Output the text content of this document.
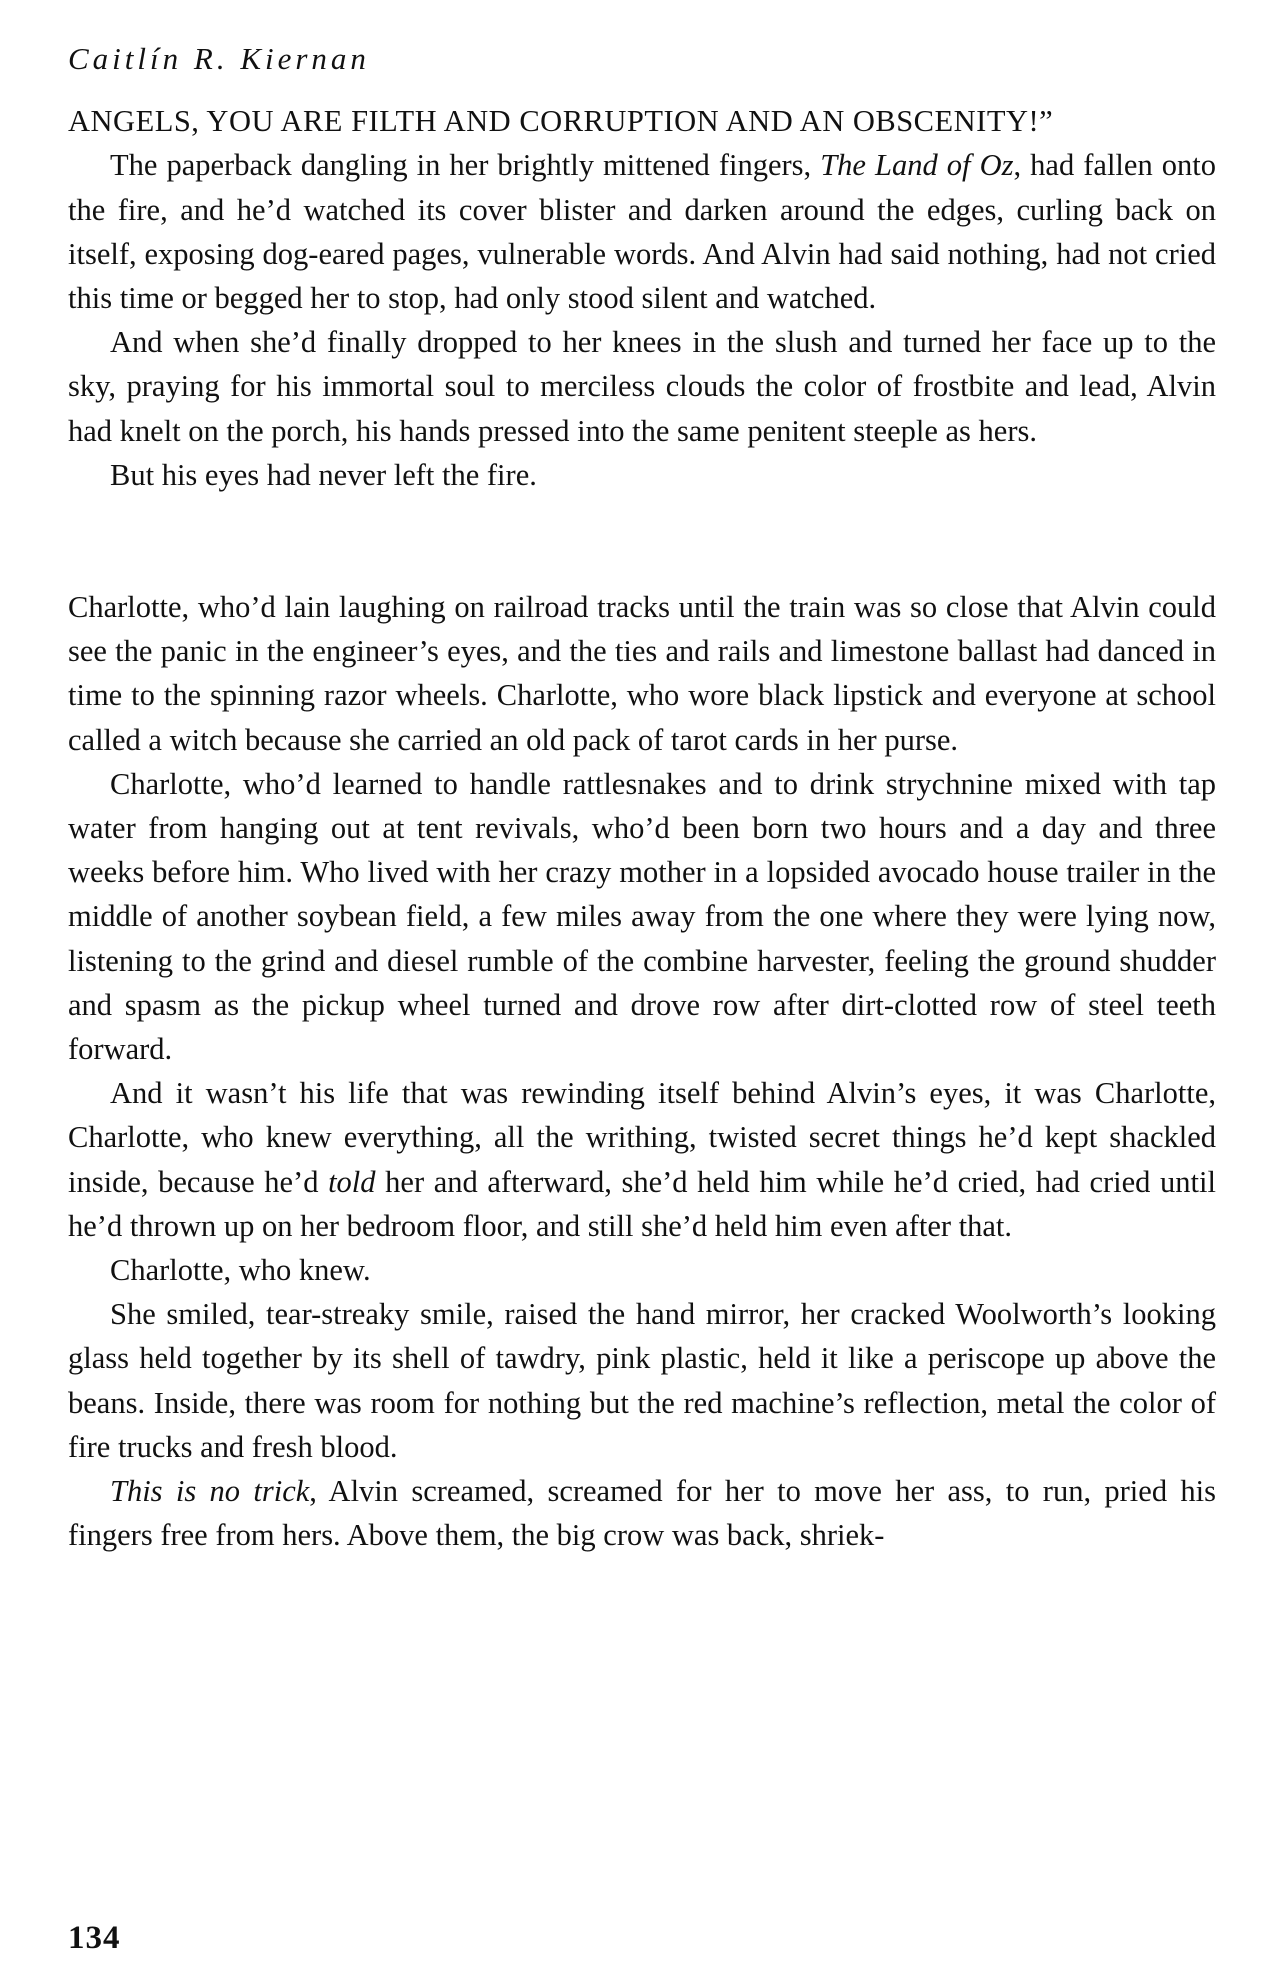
Caitlín R. Kiernan

ANGELS, YOU ARE FILTH AND CORRUPTION AND AN OBSCENITY!”

The paperback dangling in her brightly mittened fingers, The Land of Oz, had fallen onto the fire, and he’d watched its cover blister and darken around the edges, curling back on itself, exposing dog-eared pages, vulnerable words. And Alvin had said nothing, had not cried this time or begged her to stop, had only stood silent and watched.

And when she’d finally dropped to her knees in the slush and turned her face up to the sky, praying for his immortal soul to merciless clouds the color of frostbite and lead, Alvin had knelt on the porch, his hands pressed into the same penitent steeple as hers.

But his eyes had never left the fire.

Charlotte, who’d lain laughing on railroad tracks until the train was so close that Alvin could see the panic in the engineer’s eyes, and the ties and rails and limestone ballast had danced in time to the spinning razor wheels. Charlotte, who wore black lipstick and everyone at school called a witch because she carried an old pack of tarot cards in her purse.

Charlotte, who’d learned to handle rattlesnakes and to drink strychnine mixed with tap water from hanging out at tent revivals, who’d been born two hours and a day and three weeks before him. Who lived with her crazy mother in a lopsided avocado house trailer in the middle of another soybean field, a few miles away from the one where they were lying now, listening to the grind and diesel rumble of the combine harvester, feeling the ground shudder and spasm as the pickup wheel turned and drove row after dirt-clotted row of steel teeth forward.

And it wasn’t his life that was rewinding itself behind Alvin’s eyes, it was Charlotte, Charlotte, who knew everything, all the writhing, twisted secret things he’d kept shackled inside, because he’d told her and afterward, she’d held him while he’d cried, had cried until he’d thrown up on her bedroom floor, and still she’d held him even after that.

Charlotte, who knew.

She smiled, tear-streaky smile, raised the hand mirror, her cracked Woolworth’s looking glass held together by its shell of tawdry, pink plastic, held it like a periscope up above the beans. Inside, there was room for nothing but the red machine’s reflection, metal the color of fire trucks and fresh blood.

This is no trick, Alvin screamed, screamed for her to move her ass, to run, pried his fingers free from hers. Above them, the big crow was back, shriek-

134
